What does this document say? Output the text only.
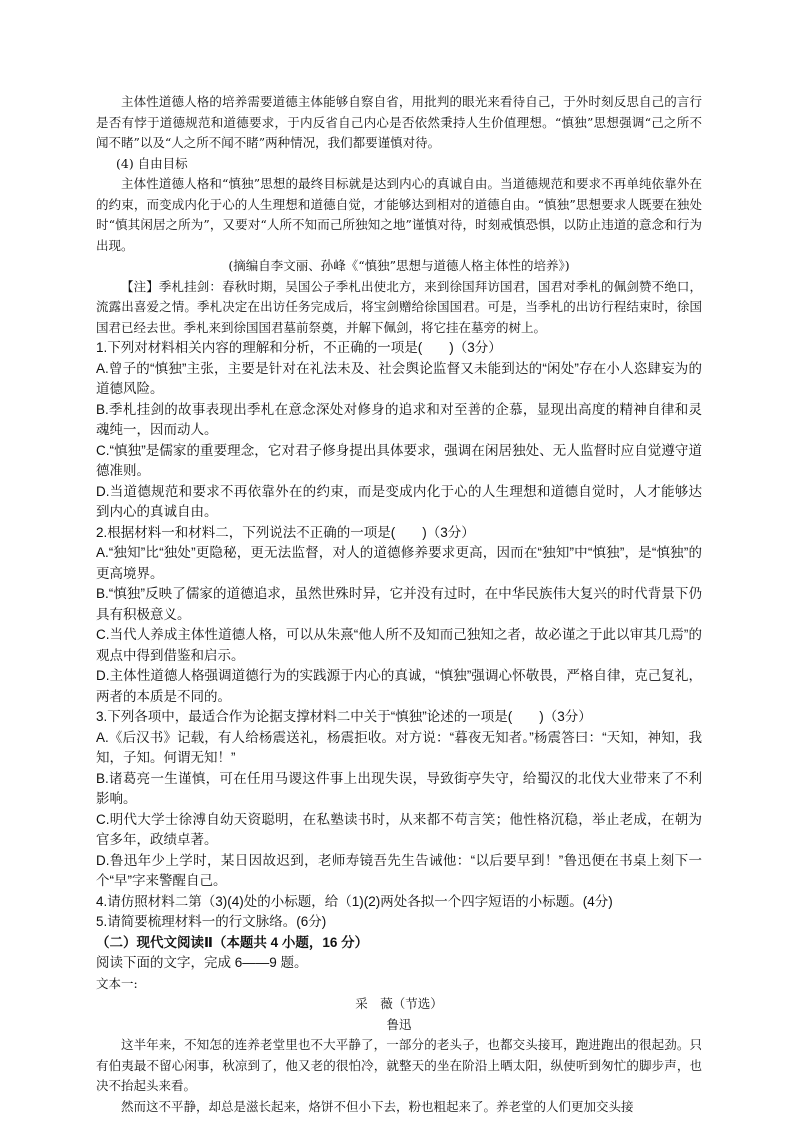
主体性道德人格的培养需要道德主体能够自察自省，用批判的眼光来看待自己，于外时刻反思自己的言行是否有悖于道德规范和道德要求，于内反省自己内心是否依然秉持人生价值理想。“慎独”思想强调“己之所不闻不睹”以及“人之所不闻不睹”两种情况，我们都要谨慎对待。

(4) 自由目标

主体性道德人格和“慎独”思想的最终目标就是达到内心的真诚自由。当道德规范和要求不再单纯依靠外在的约束，而变成内化于心的人生理想和道德自觉，才能够达到相对的道德自由。“慎独”思想要求人既要在独处时“慎其闲居之所为”，又要对“人所不知而己所独知之地”谨慎对待，时刻戒慎恐惧，以防止违道的意念和行为出现。

(摘编自李文丽、孙峰《“慎独”思想与道德人格主体性的培养》)

【注】季札挂剑：春秋时期，吴国公子季札出使北方，来到徐国拜访国君，国君对季札的佩剑赞不绝口，流露出喜爱之情。季札决定在出访任务完成后，将宝剑赠给徐国国君。可是，当季札的出访行程结束时，徐国国君已经去世。季札来到徐国国君墓前祭奠，并解下佩剑，将它挂在墓旁的树上。

1.下列对材料相关内容的理解和分析，不正确的一项是(　　)（3分）

A.曾子的“慎独”主张，主要是针对在礼法未及、社会舆论监督又未能到达的“闲处”存在小人恣肆妄为的道德风险。

B.季札挂剑的故事表现出季札在意念深处对修身的追求和对至善的企慕，显现出高度的精神自律和灵魂纯一，因而动人。

C.“慎独”是儒家的重要理念，它对君子修身提出具体要求，强调在闲居独处、无人监督时应自觉遵守道德准则。

D.当道德规范和要求不再依靠外在的约束，而是变成内化于心的人生理想和道德自觉时，人才能够达到内心的真诚自由。

2.根据材料一和材料二，下列说法不正确的一项是(　　)（3分）

A.“独知”比“独处”更隐秘，更无法监督，对人的道德修养要求更高，因而在“独知”中“慎独”，是“慎独”的更高境界。

B.“慎独”反映了儒家的道德追求，虽然世殊时异，它并没有过时，在中华民族伟大复兴的时代背景下仍具有积极意义。

C.当代人养成主体性道德人格，可以从朱熹“他人所不及知而己独知之者，故必谨之于此以审其几焉”的观点中得到借鉴和启示。

D.主体性道德人格强调道德行为的实践源于内心的真诚，“慎独”强调心怀敬畏，严格自律，克己复礼，两者的本质是不同的。

3.下列各项中，最适合作为论据支撑材料二中关于“慎独”论述的一项是(　　)（3分）

A.《后汉书》记载，有人给杨震送礼，杨震拒收。对方说：“暮夜无知者。”杨震答曰：“天知，神知，我知，子知。何谓无知！”

B.诸葛亮一生谨慎，可在任用马谡这件事上出现失误，导致街亭失守，给蜀汉的北伐大业带来了不利影响。

C.明代大学士徐溥自幼天资聪明，在私塾读书时，从来都不苟言笑；他性格沉稳，举止老成，在朝为官多年，政绩卓著。

D.鲁迅年少上学时，某日因故迟到，老师寿镜吾先生告诫他：“以后要早到！”鲁迅便在书桌上刻下一个“早”字来警醒自己。

4.请仿照材料二第（3)(4)处的小标题，给（1)(2)两处各拟一个四字短语的小标题。(4分)

5.请简要梳理材料一的行文脉络。(6分)

（二）现代文阅读Ⅱ（本题共 4 小题，16 分）

阅读下面的文字，完成 6——9 题。

文本一:

采　薇（节选）

鲁迅

这半年来，不知怎的连养老堂里也不大平静了，一部分的老头子，也都交头接耳，跑进跑出的很起劲。只有伯夷最不留心闲事，秋凉到了，他又老的很怕冷，就整天的坐在阶沿上晒太阳，纵使听到匆忙的脚步声，也决不抬起头来看。

然而这不平静，却总是滋长起来，烙饼不但小下去，粉也粗起来了。养老堂的人们更加交头接
